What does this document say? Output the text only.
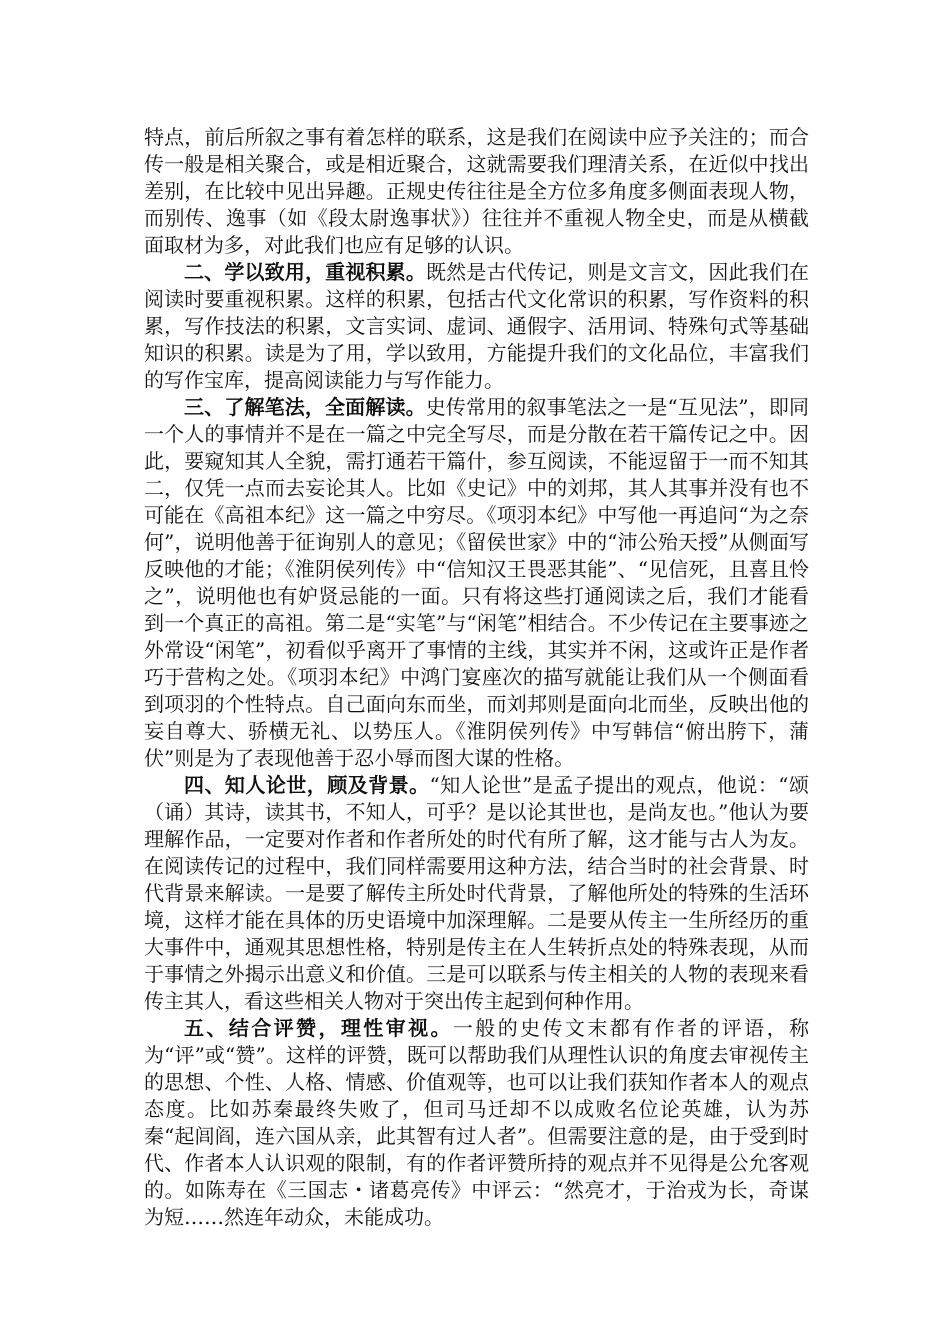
特点，前后所叙之事有着怎样的联系，这是我们在阅读中应予关注的；而合传一般是相关聚合，或是相近聚合，这就需要我们理清关系，在近似中找出差别，在比较中见出异趣。正规史传往往是全方位多角度多侧面表现人物，而别传、逸事（如《段太尉逸事状》）往往并不重视人物全史，而是从横截面取材为多，对此我们也应有足够的认识。

二、学以致用，重视积累。既然是古代传记，则是文言文，因此我们在阅读时要重视积累。这样的积累，包括古代文化常识的积累，写作资料的积累，写作技法的积累，文言实词、虚词、通假字、活用词、特殊句式等基础知识的积累。读是为了用，学以致用，方能提升我们的文化品位，丰富我们的写作宝库，提高阅读能力与写作能力。

三、了解笔法，全面解读。史传常用的叙事笔法之一是“互见法”，即同一个人的事情并不是在一篇之中完全写尽，而是分散在若干篇传记之中。因此，要窥知其人全貌，需打通若干篇什，参互阅读，不能逗留于一而不知其二，仅凭一点而去妄论其人。比如《史记》中的刘邦，其人其事并没有也不可能在《高祖本纪》这一篇之中穷尽。《项羽本纪》中写他一再追问“为之奈何”，说明他善于征询别人的意见；《留侯世家》中的“沛公殆天授”从侧面写反映他的才能；《淮阴侯列传》中“信知汉王畏恶其能”、“见信死，且喜且怜之”，说明他也有妒贤忌能的一面。只有将这些打通阅读之后，我们才能看到一个真正的高祖。第二是“实笔”与“闲笔”相结合。不少传记在主要事迹之外常设“闲笔”，初看似乎离开了事情的主线，其实并不闲，这或许正是作者巧于营构之处。《项羽本纪》中鸿门宴座次的描写就能让我们从一个侧面看到项羽的个性特点。自己面向东而坐，而刘邦则是面向北而坐，反映出他的妄自尊大、骄横无礼、以势压人。《淮阴侯列传》中写韩信“俯出胯下，蒲伏”则是为了表现他善于忍小辱而图大谋的性格。

四、知人论世，顾及背景。“知人论世”是孟子提出的观点，他说：“颂（诵）其诗，读其书，不知人，可乎？是以论其世也，是尚友也。”他认为要理解作品，一定要对作者和作者所处的时代有所了解，这才能与古人为友。在阅读传记的过程中，我们同样需要用这种方法，结合当时的社会背景、时代背景来解读。一是要了解传主所处时代背景，了解他所处的特殊的生活环境，这样才能在具体的历史语境中加深理解。二是要从传主一生所经历的重大事件中，通观其思想性格，特别是传主在人生转折点处的特殊表现，从而于事情之外揭示出意义和价值。三是可以联系与传主相关的人物的表现来看传主其人，看这些相关人物对于突出传主起到何种作用。

五、结合评赞，理性审视。一般的史传文末都有作者的评语，称为“评”或“赞”。这样的评赞，既可以帮助我们从理性认识的角度去审视传主的思想、个性、人格、情感、价值观等，也可以让我们获知作者本人的观点态度。比如苏秦最终失败了，但司马迁却不以成败名位论英雄，认为苏秦“起闾阎，连六国从亲，此其智有过人者”。但需要注意的是，由于受到时代、作者本人认识观的限制，有的作者评赞所持的观点并不见得是公允客观的。如陈寿在《三国志・诸葛亮传》中评云：“然亮才，于治戎为长，奇谋为短……然连年动众，未能成功。
